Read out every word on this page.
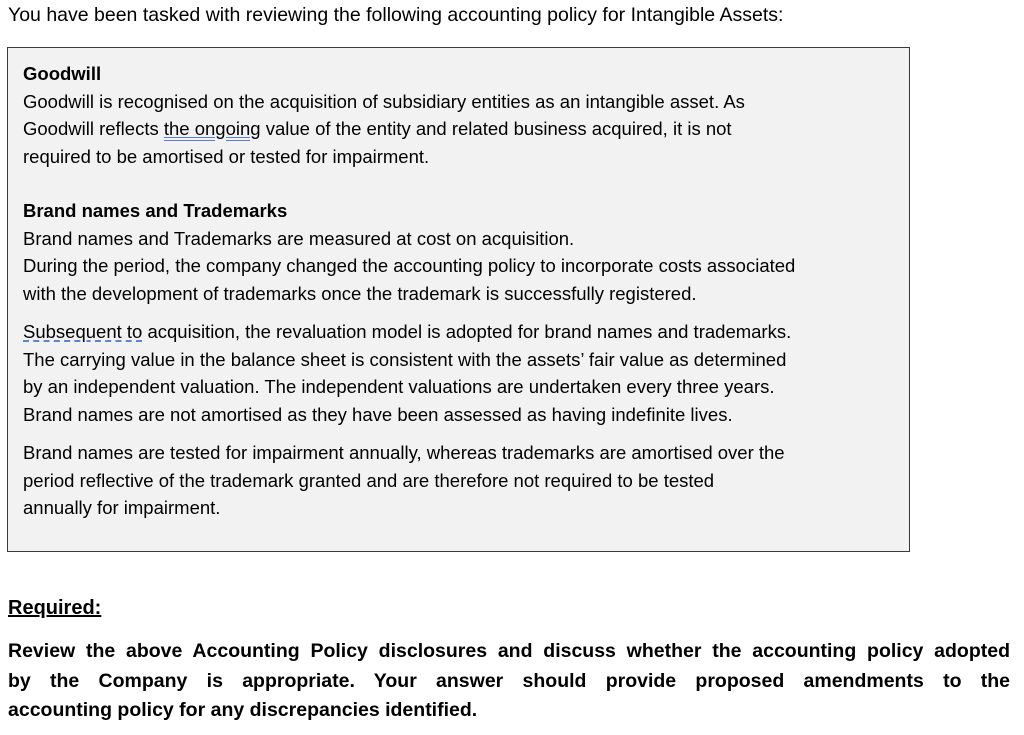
You have been tasked with reviewing the following accounting policy for Intangible Assets:

Goodwill

Goodwill is recognised on the acquisition of subsidiary entities as an intangible asset. As
Goodwill reflects the ongoing value of the entity and related business acquired, it is not
required to be amortised or tested for impairment.

Brand names and Trademarks

Brand names and Trademarks are measured at cost on acquisition.
During the period, the company changed the accounting policy to incorporate costs associated
with the development of trademarks once the trademark is successfully registered.

Subsequent to acquisition, the revaluation model is adopted for brand names and trademarks.
The carrying value in the balance sheet is consistent with the assets’ fair value as determined
by an independent valuation. The independent valuations are undertaken every three years.
Brand names are not amortised as they have been assessed as having indefinite lives.

Brand names are tested for impairment annually, whereas trademarks are amortised over the
period reflective of the trademark granted and are therefore not required to be tested
annually for impairment.

Required:
Review the above Accounting Policy disclosures and discuss whether the accounting policy adopted
by the Company is appropriate. Your answer should provide proposed amendments to the
accounting policy for any discrepancies identified.
